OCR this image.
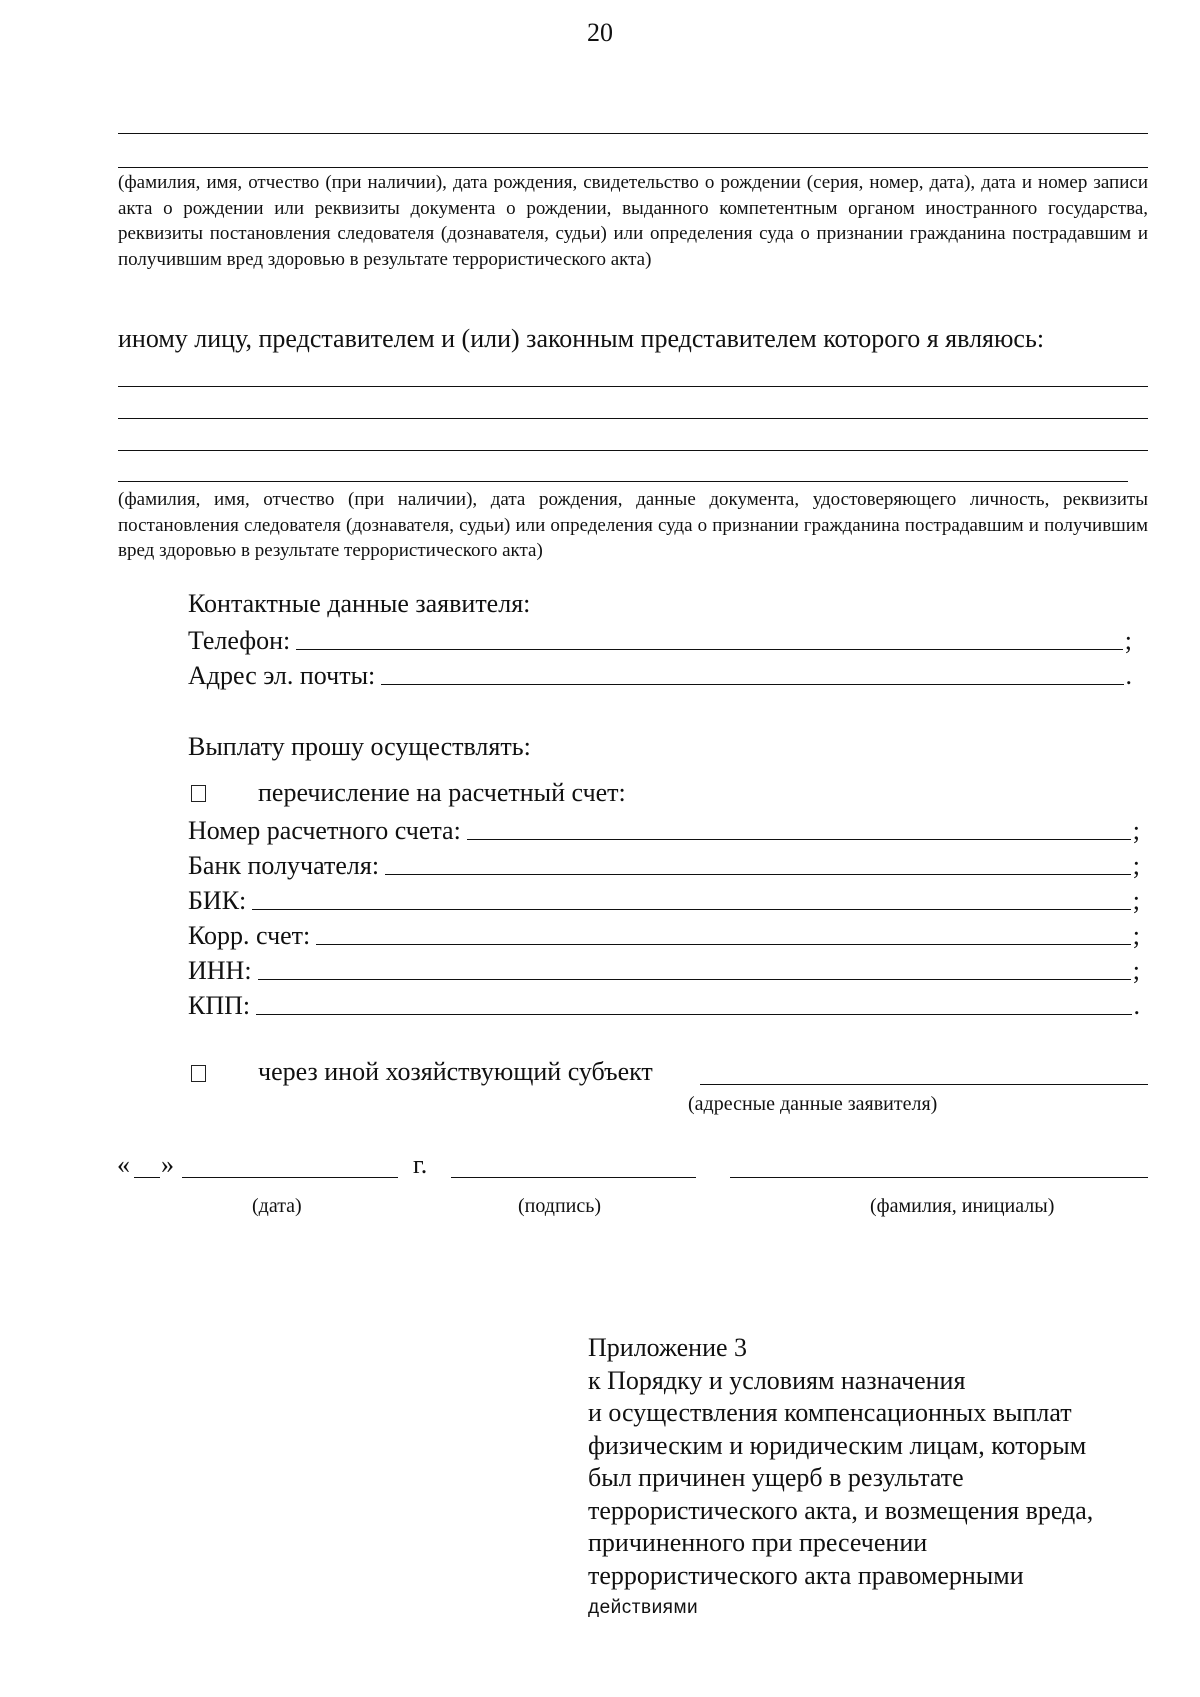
20
(фамилия, имя, отчество (при наличии), дата рождения, свидетельство о рождении (серия, номер, дата), дата и номер записи акта о рождении или реквизиты документа о рождении, выданного компетентным органом иностранного государства, реквизиты постановления следователя (дознавателя, судьи) или определения суда о признании гражданина пострадавшим и получившим вред здоровью в результате террористического акта)
иному лицу, представителем и (или) законным представителем которого я являюсь:
(фамилия, имя, отчество (при наличии), дата рождения, данные документа, удостоверяющего личность, реквизиты постановления следователя (дознавателя, судьи) или определения суда о признании гражданина пострадавшим и получившим вред здоровью в результате террористического акта)
Контактные данные заявителя:
Телефон:	;
Адрес эл. почты:	.
Выплату прошу осуществлять:
перечисление на расчетный счет:
Номер расчетного счета:	;
Банк получателя:	;
БИК:	;
Корр. счет:	;
ИНН:	;
КПП:	.
через иной хозяйствующий субъект
(адресные данные заявителя)
« »	г.
(дата)	(подпись)	(фамилия, инициалы)
Приложение 3
к Порядку и условиям назначения
и осуществления компенсационных выплат
физическим и юридическим лицам, которым
был причинен ущерб в результате
террористического акта, и возмещения вреда,
причиненного при пресечении
террористического акта правомерными
действиями
